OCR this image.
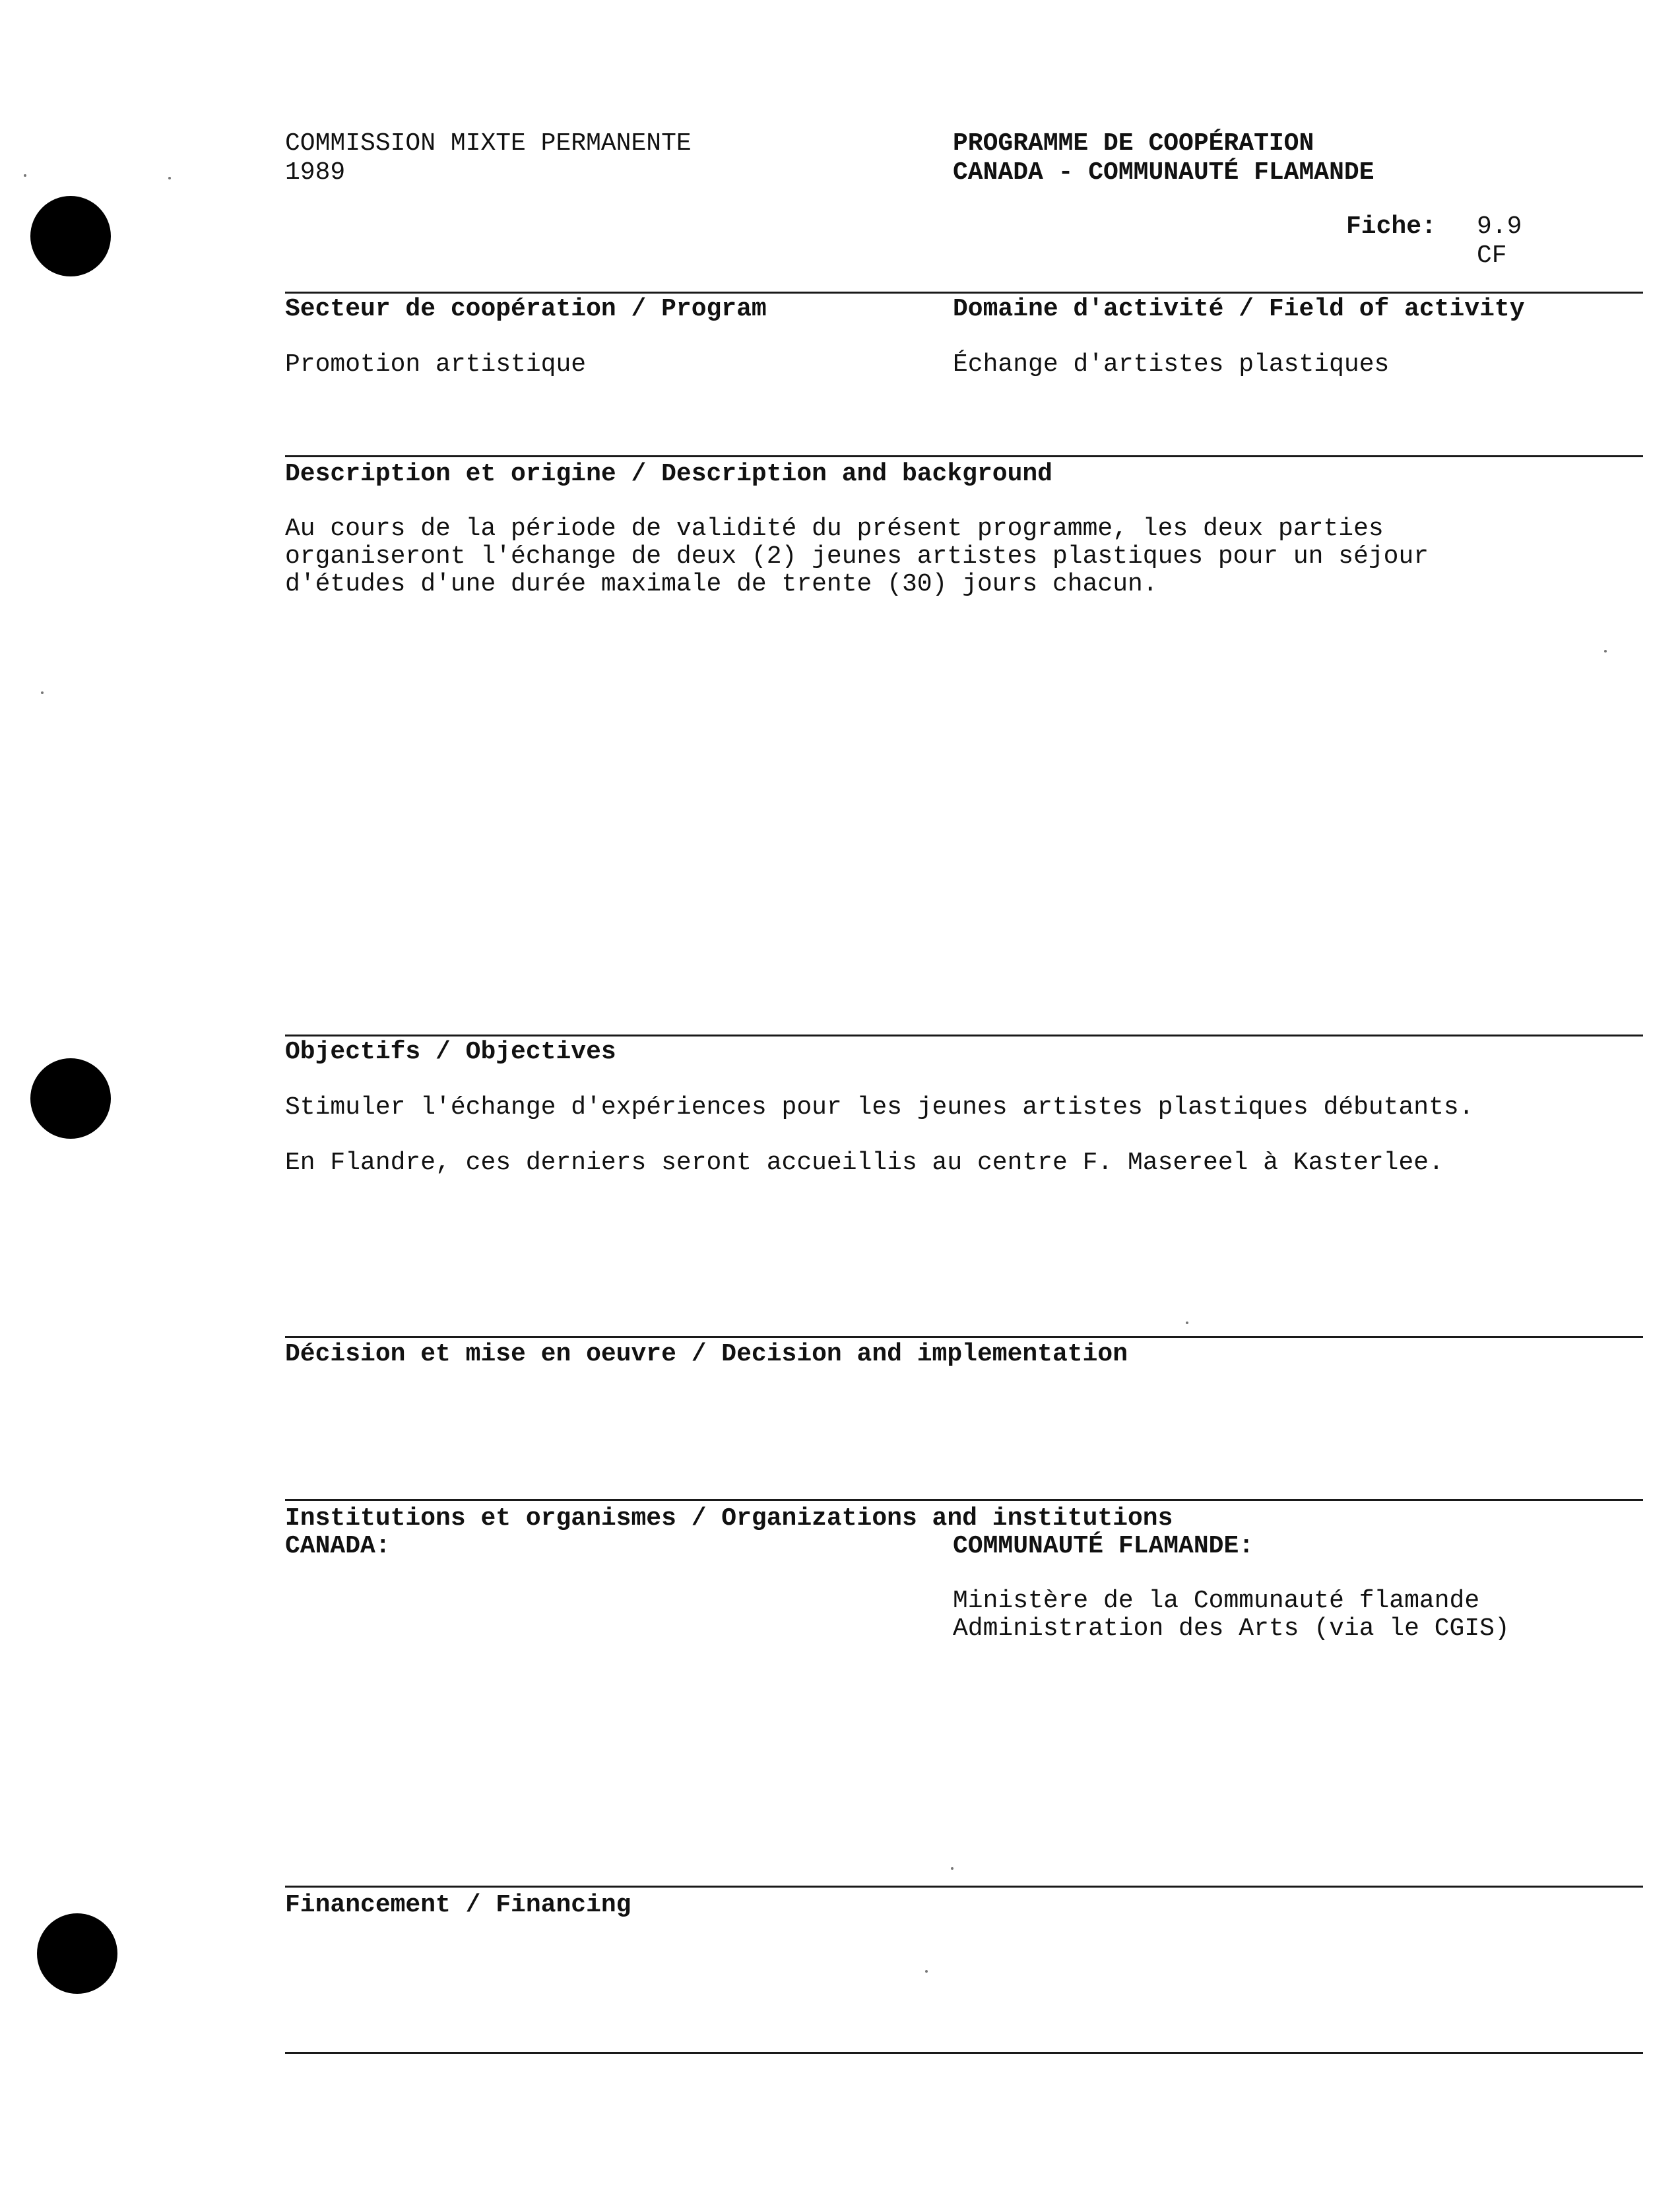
COMMISSION MIXTE PERMANENTE
1989
PROGRAMME DE COOPÉRATION
CANADA - COMMUNAUTÉ FLAMANDE
Fiche: 9.9
CF
Secteur de coopération / Program	Domaine d'activité / Field of activity
Promotion artistique	Échange d'artistes plastiques
Description et origine / Description and background
Au cours de la période de validité du présent programme, les deux parties
organiseront l'échange de deux (2) jeunes artistes plastiques pour un séjour
d'études d'une durée maximale de trente (30) jours chacun.
Objectifs / Objectives
Stimuler l'échange d'expériences pour les jeunes artistes plastiques débutants.
En Flandre, ces derniers seront accueillis au centre F. Masereel à Kasterlee.
Décision et mise en oeuvre / Decision and implementation
Institutions et organismes / Organizations and institutions
CANADA:	COMMUNAUTÉ FLAMANDE:
Ministère de la Communauté flamande
Administration des Arts (via le CGIS)
Financement / Financing
